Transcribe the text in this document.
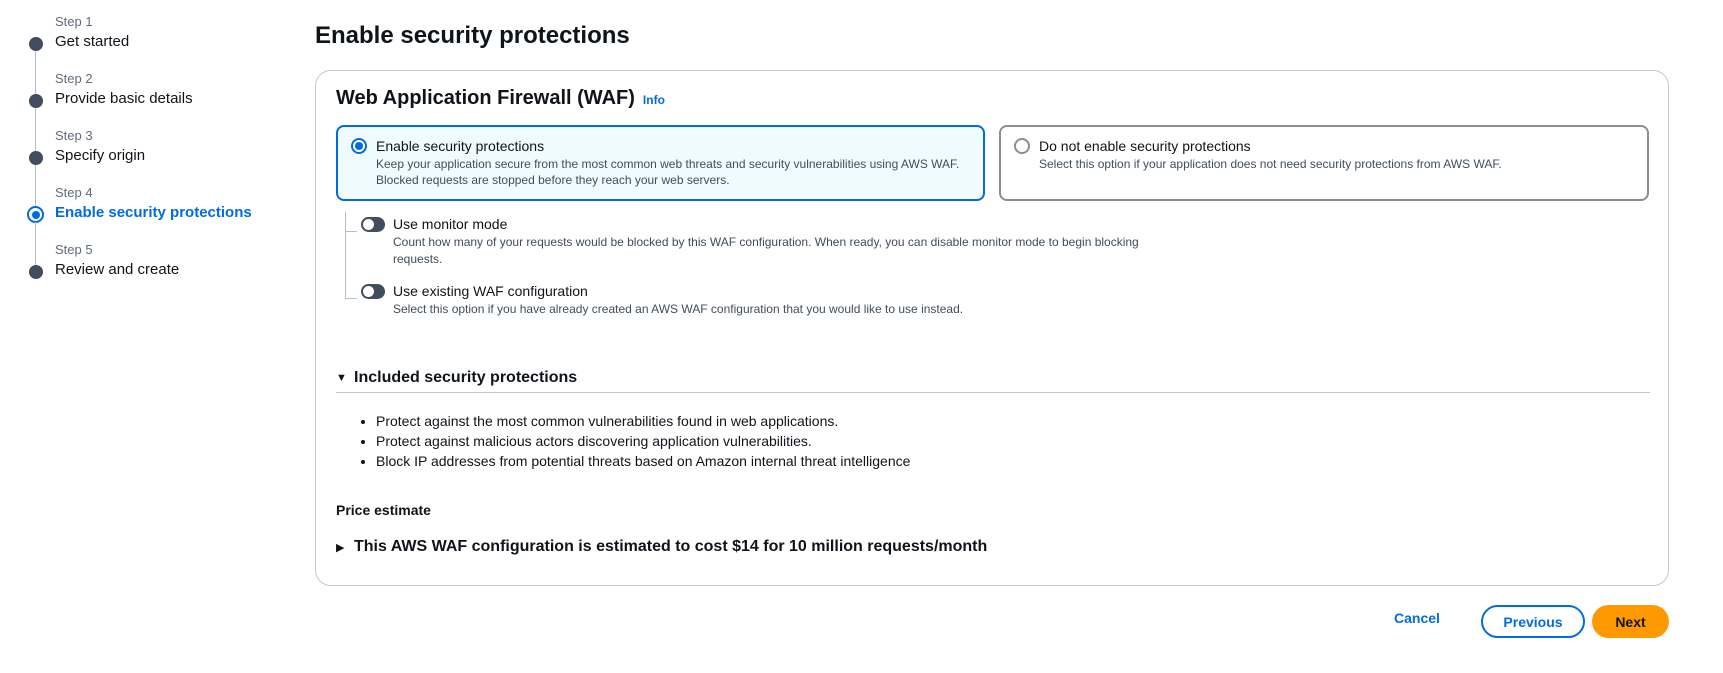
Step 1
Get started
Step 2
Provide basic details
Step 3
Specify origin
Step 4
Enable security protections
Step 5
Review and create
Enable security protections
Web Application Firewall (WAF) Info
Enable security protections
Keep your application secure from the most common web threats and security vulnerabilities using AWS WAF. Blocked requests are stopped before they reach your web servers.
Do not enable security protections
Select this option if your application does not need security protections from AWS WAF.
Use monitor mode
Count how many of your requests would be blocked by this WAF configuration. When ready, you can disable monitor mode to begin blocking requests.
Use existing WAF configuration
Select this option if you have already created an AWS WAF configuration that you would like to use instead.
▼ Included security protections
• Protect against the most common vulnerabilities found in web applications.
• Protect against malicious actors discovering application vulnerabilities.
• Block IP addresses from potential threats based on Amazon internal threat intelligence
Price estimate
▶ This AWS WAF configuration is estimated to cost $14 for 10 million requests/month
Cancel	Previous	Next
